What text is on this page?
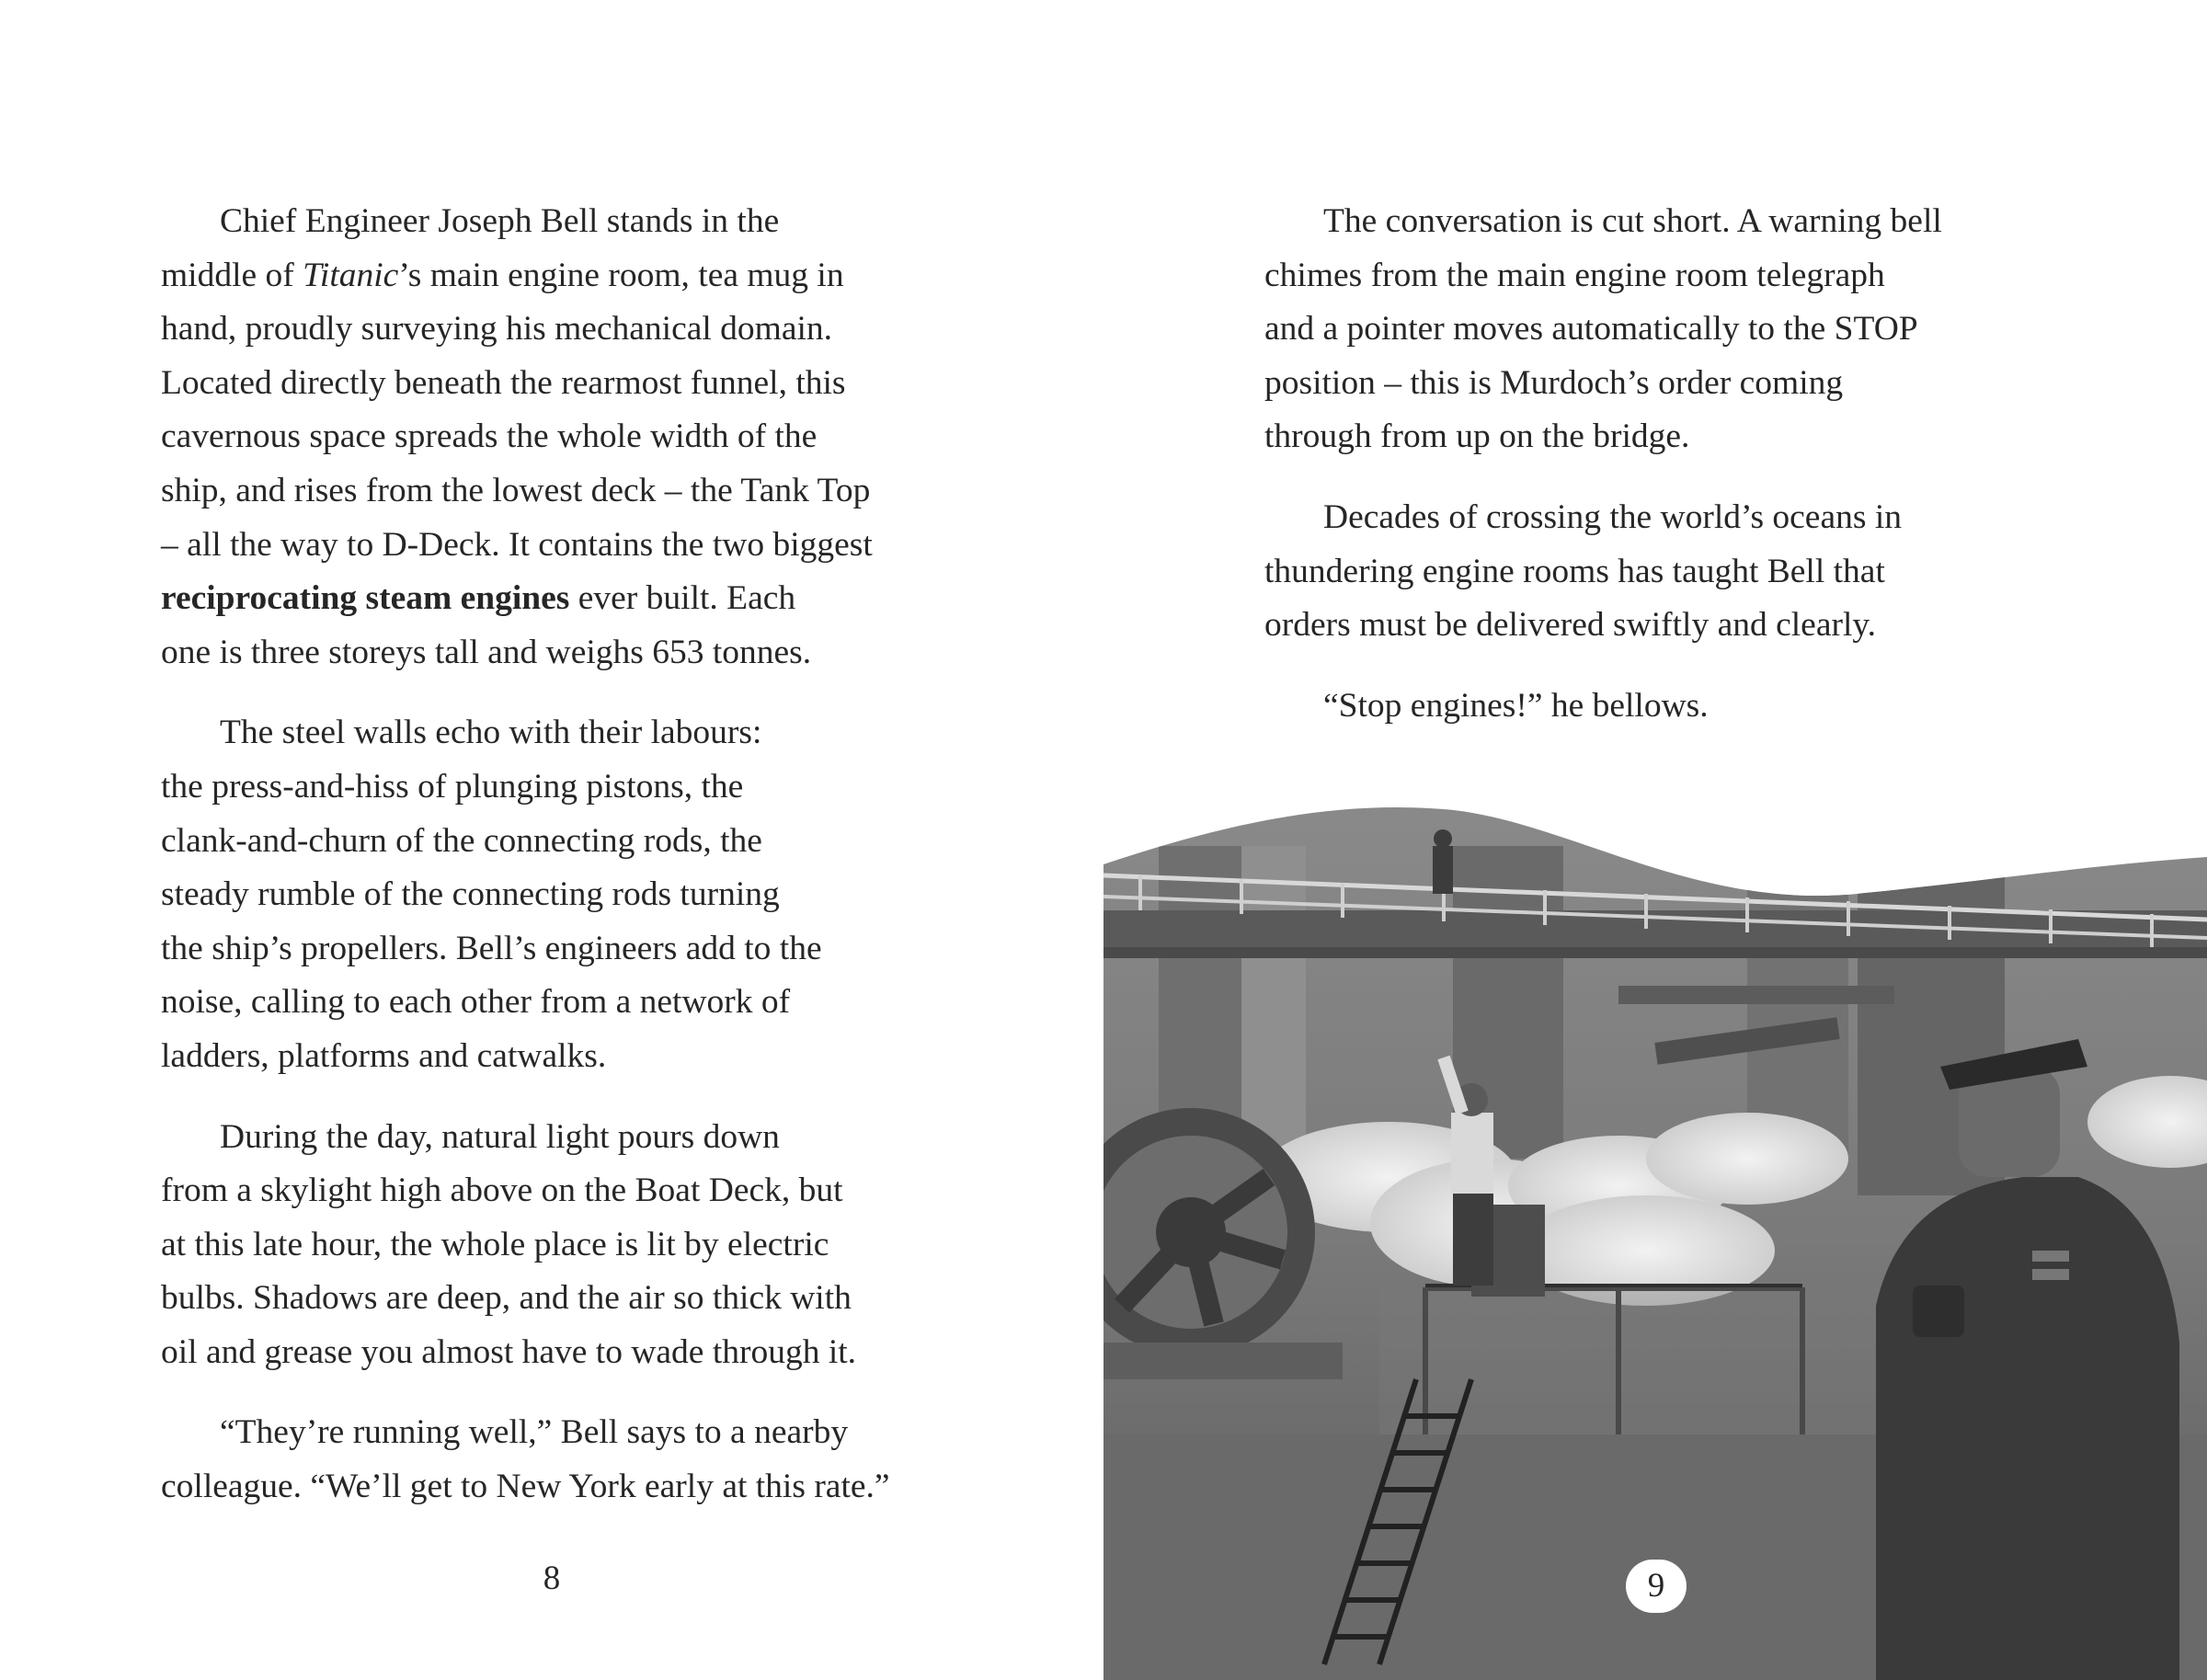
Chief Engineer Joseph Bell stands in the
middle of Titanic’s main engine room, tea mug in
hand, proudly surveying his mechanical domain.
Located directly beneath the rearmost funnel, this
cavernous space spreads the whole width of the
ship, and rises from the lowest deck – the Tank Top
– all the way to D-Deck. It contains the two biggest
reciprocating steam engines ever built. Each
one is three storeys tall and weighs 653 tonnes.
The steel walls echo with their labours:
the press-and-hiss of plunging pistons, the
clank-and-churn of the connecting rods, the
steady rumble of the connecting rods turning
the ship’s propellers. Bell’s engineers add to the
noise, calling to each other from a network of
ladders, platforms and catwalks.
During the day, natural light pours down
from a skylight high above on the Boat Deck, but
at this late hour, the whole place is lit by electric
bulbs. Shadows are deep, and the air so thick with
oil and grease you almost have to wade through it.
“They’re running well,” Bell says to a nearby
colleague. “We’ll get to New York early at this rate.”
8
The conversation is cut short. A warning bell
chimes from the main engine room telegraph
and a pointer moves automatically to the STOP
position – this is Murdoch’s order coming
through from up on the bridge.
Decades of crossing the world’s oceans in
thundering engine rooms has taught Bell that
orders must be delivered swiftly and clearly.
“Stop engines!” he bellows.
9
